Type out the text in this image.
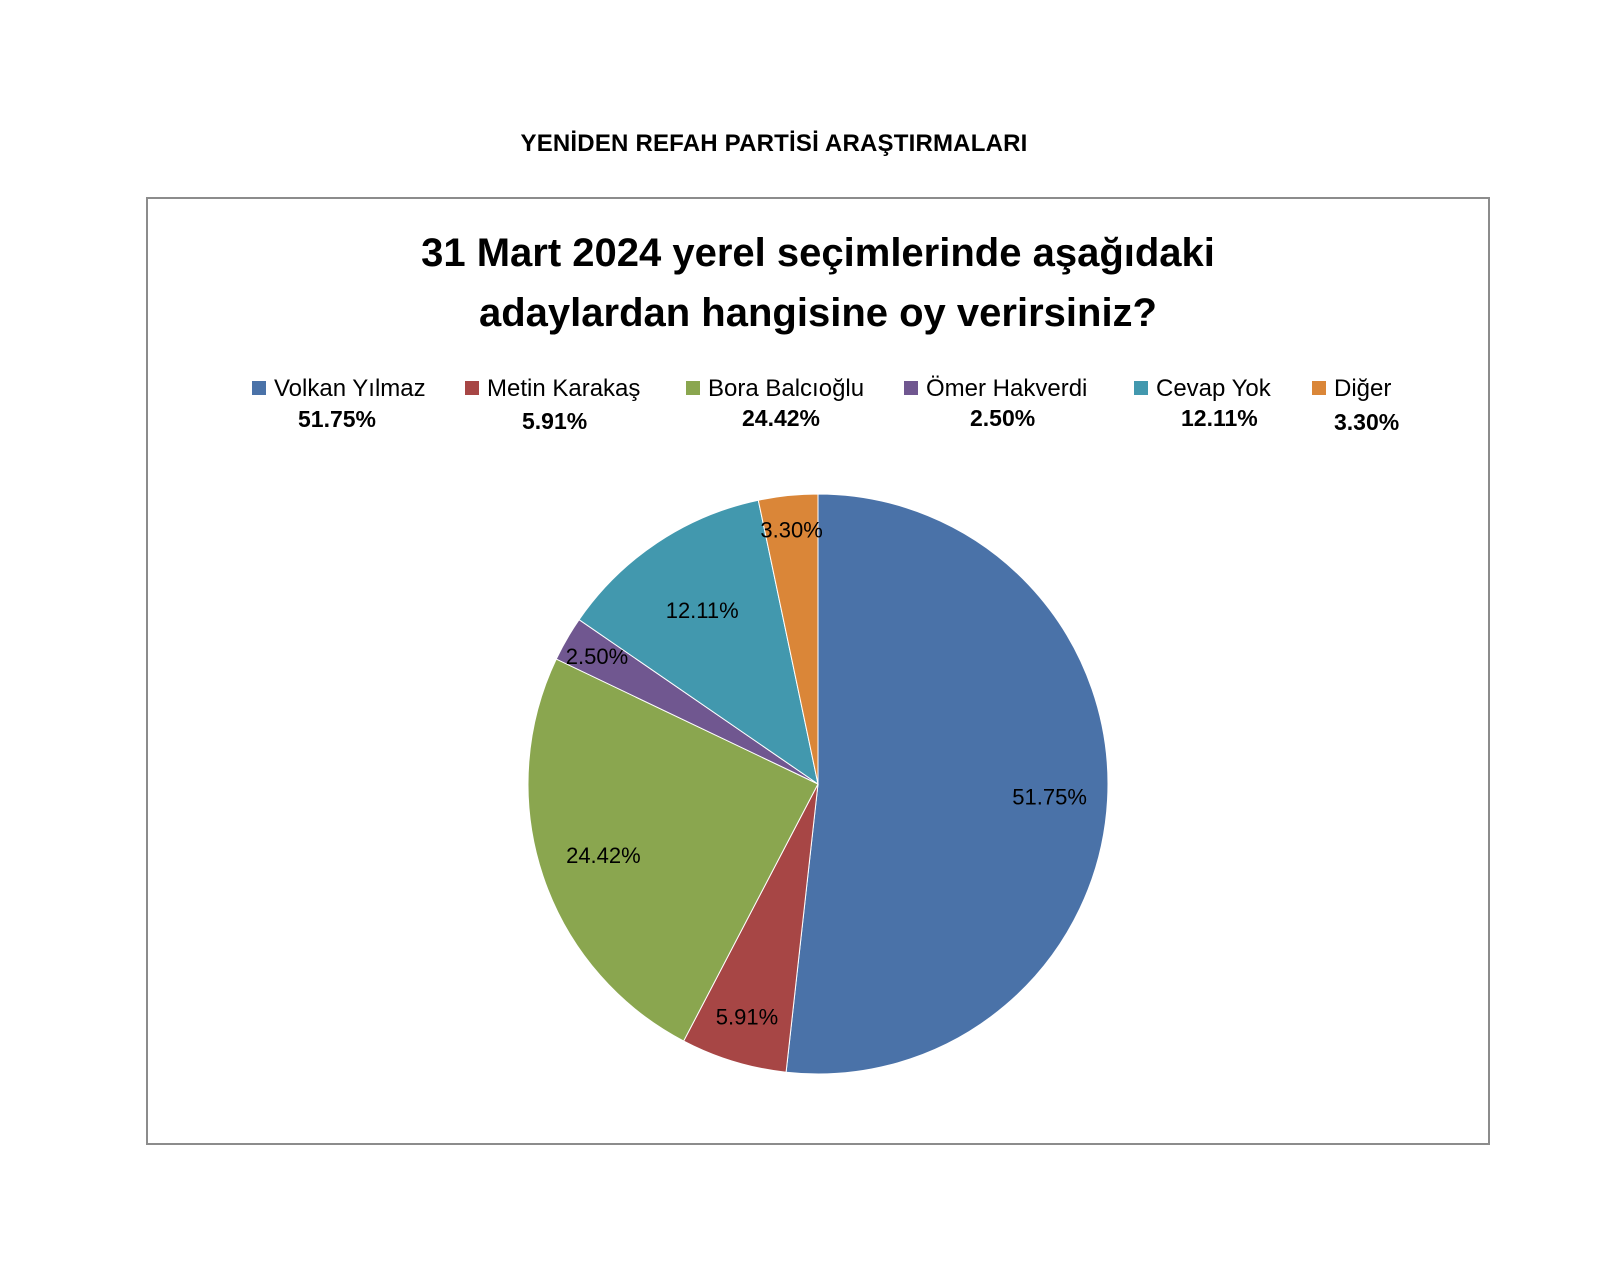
YENİDEN REFAH PARTİSİ ARAŞTIRMALARI
31 Mart 2024 yerel seçimlerinde aşağıdaki
adaylardan hangisine oy verirsiniz?
Volkan Yılmaz	Metin Karakaş	Bora Balcıoğlu	Ömer Hakverdi	Cevap Yok	Diğer
51.75%	5.91%	24.42%	2.50%	12.11%	3.30%
51.75%
5.91%
24.42%
2.50%
12.11%
3.30%
